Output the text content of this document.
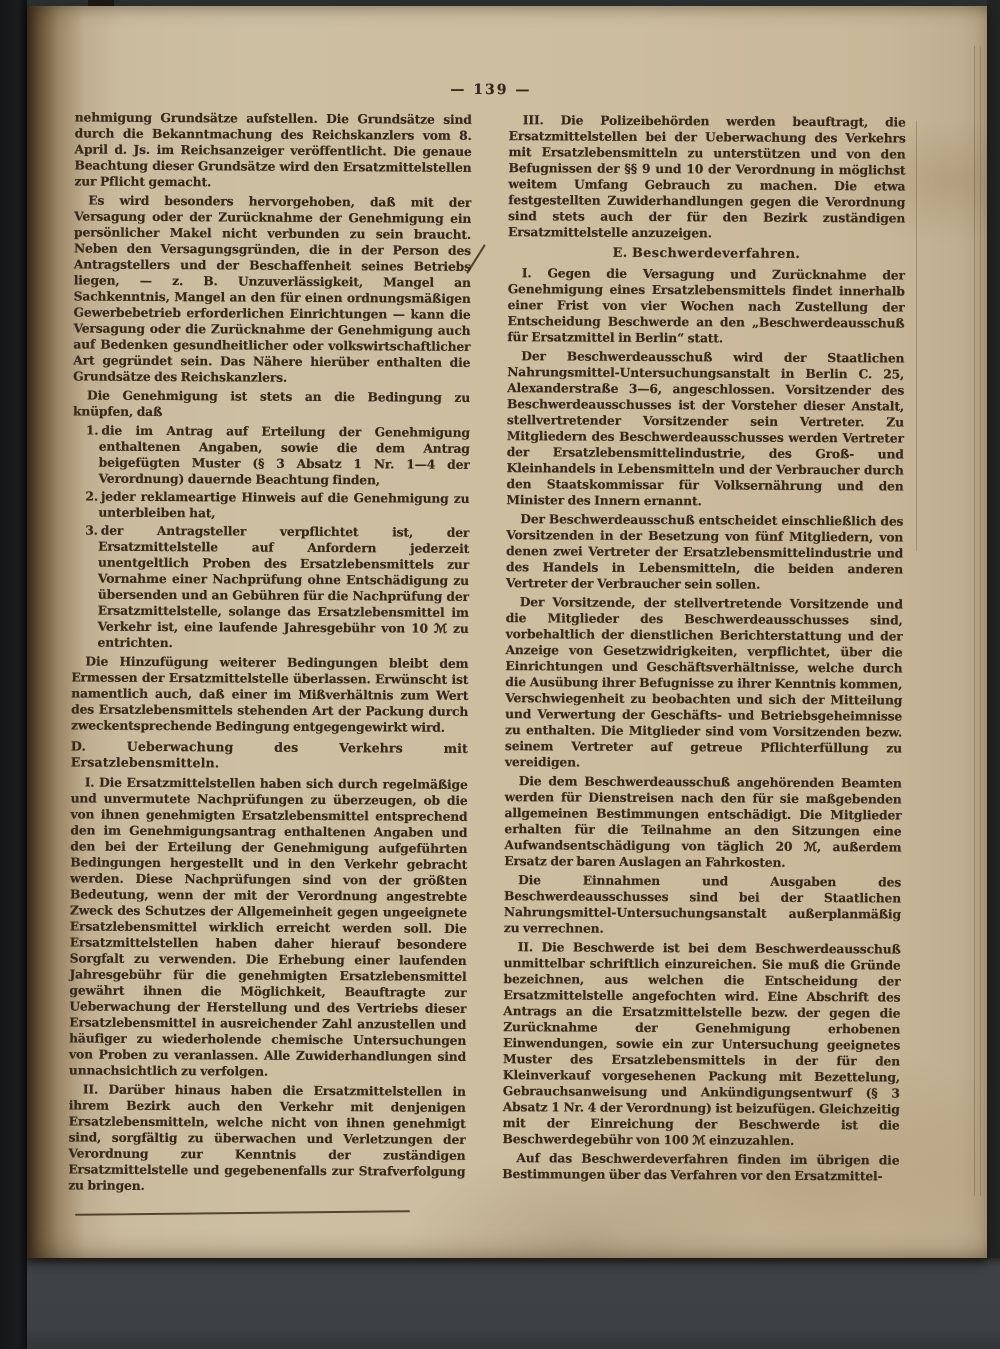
— 139 —

nehmigung Grundsätze aufstellen. Die Grundsätze sind durch die Bekanntmachung des Reichskanzlers vom 8. April d. Js. im Reichsanzeiger veröffentlicht. Die genaue Beachtung dieser Grundsätze wird den Ersatzmittelstellen zur Pflicht gemacht.

Es wird besonders hervorgehoben, daß mit der Versagung oder der Zurücknahme der Genehmigung ein persönlicher Makel nicht verbunden zu sein braucht. Neben den Versagungsgründen, die in der Person des Antragstellers und der Beschaffenheit seines Betriebs liegen, — z. B. Unzuverlässigkeit, Mangel an Sachkenntnis, Mangel an den für einen ordnungsmäßigen Gewerbebetrieb erforderlichen Einrichtungen — kann die Versagung oder die Zurücknahme der Genehmigung auch auf Bedenken gesundheitlicher oder volkswirtschaftlicher Art gegründet sein. Das Nähere hierüber enthalten die Grundsätze des Reichskanzlers.

Die Genehmigung ist stets an die Bedingung zu knüpfen, daß

1. die im Antrag auf Erteilung der Genehmigung enthaltenen Angaben, sowie die dem Antrag beigefügten Muster (§ 3 Absatz 1 Nr. 1—4 der Verordnung) dauernde Beachtung finden,

2. jeder reklameartige Hinweis auf die Genehmigung zu unterbleiben hat,

3. der Antragsteller verpflichtet ist, der Ersatzmittelstelle auf Anfordern jederzeit unentgeltlich Proben des Ersatzlebensmittels zur Vornahme einer Nachprüfung ohne Entschädigung zu übersenden und an Gebühren für die Nachprüfung der Ersatzmittelstelle, solange das Ersatzlebensmittel im Verkehr ist, eine laufende Jahresgebühr von 10 ℳ zu entrichten.

Die Hinzufügung weiterer Bedingungen bleibt dem Ermessen der Ersatzmittelstelle überlassen. Erwünscht ist namentlich auch, daß einer im Mißverhältnis zum Wert des Ersatzlebensmittels stehenden Art der Packung durch zweckentsprechende Bedingung entgegengewirkt wird.

D. Ueberwachung des Verkehrs mit Ersatzlebensmitteln.

I. Die Ersatzmittelstellen haben sich durch regelmäßige und unvermutete Nachprüfungen zu überzeugen, ob die von ihnen genehmigten Ersatzlebensmittel entsprechend den im Genehmigungsantrag enthaltenen Angaben und den bei der Erteilung der Genehmigung aufgeführten Bedingungen hergestellt und in den Verkehr gebracht werden. Diese Nachprüfungen sind von der größten Bedeutung, wenn der mit der Verordnung angestrebte Zweck des Schutzes der Allgemeinheit gegen ungeeignete Ersatzlebensmittel wirklich erreicht werden soll. Die Ersatzmittelstellen haben daher hierauf besondere Sorgfalt zu verwenden. Die Erhebung einer laufenden Jahresgebühr für die genehmigten Ersatzlebensmittel gewährt ihnen die Möglichkeit, Beauftragte zur Ueberwachung der Herstellung und des Vertriebs dieser Ersatzlebensmittel in ausreichender Zahl anzustellen und häufiger zu wiederholende chemische Untersuchungen von Proben zu veranlassen. Alle Zuwiderhandlungen sind unnachsichtlich zu verfolgen.

II. Darüber hinaus haben die Ersatzmittelstellen in ihrem Bezirk auch den Verkehr mit denjenigen Ersatzlebensmitteln, welche nicht von ihnen genehmigt sind, sorgfältig zu überwachen und Verletzungen der Verordnung zur Kenntnis der zuständigen Ersatzmittelstelle und gegebenenfalls zur Strafverfolgung zu bringen.

III. Die Polizeibehörden werden beauftragt, die Ersatzmittelstellen bei der Ueberwachung des Verkehrs mit Ersatzlebensmitteln zu unterstützen und von den Befugnissen der §§ 9 und 10 der Verordnung in möglichst weitem Umfang Gebrauch zu machen. Die etwa festgestellten Zuwiderhandlungen gegen die Verordnung sind stets auch der für den Bezirk zuständigen Ersatzmittelstelle anzuzeigen.

E. Beschwerdeverfahren.

I. Gegen die Versagung und Zurücknahme der Genehmigung eines Ersatzlebensmittels findet innerhalb einer Frist von vier Wochen nach Zustellung der Entscheidung Beschwerde an den „Beschwerdeausschuß für Ersatzmittel in Berlin“ statt.

Der Beschwerdeausschuß wird der Staatlichen Nahrungsmittel-Untersuchungsanstalt in Berlin C. 25, Alexanderstraße 3—6, angeschlossen. Vorsitzender des Beschwerdeausschusses ist der Vorsteher dieser Anstalt, stellvertretender Vorsitzender sein Vertreter. Zu Mitgliedern des Beschwerdeausschusses werden Vertreter der Ersatzlebensmittelindustrie, des Groß- und Kleinhandels in Lebensmitteln und der Verbraucher durch den Staatskommissar für Volksernährung und den Minister des Innern ernannt.

Der Beschwerdeausschuß entscheidet einschließlich des Vorsitzenden in der Besetzung von fünf Mitgliedern, von denen zwei Vertreter der Ersatzlebensmittelindustrie und des Handels in Lebensmitteln, die beiden anderen Vertreter der Verbraucher sein sollen.

Der Vorsitzende, der stellvertretende Vorsitzende und die Mitglieder des Beschwerdeausschusses sind, vorbehaltlich der dienstlichen Berichterstattung und der Anzeige von Gesetzwidrigkeiten, verpflichtet, über die Einrichtungen und Geschäftsverhältnisse, welche durch die Ausübung ihrer Befugnisse zu ihrer Kenntnis kommen, Verschwiegenheit zu beobachten und sich der Mitteilung und Verwertung der Geschäfts- und Betriebsgeheimnisse zu enthalten. Die Mitglieder sind vom Vorsitzenden bezw. seinem Vertreter auf getreue Pflichterfüllung zu vereidigen.

Die dem Beschwerdeausschuß angehörenden Beamten werden für Dienstreisen nach den für sie maßgebenden allgemeinen Bestimmungen entschädigt. Die Mitglieder erhalten für die Teilnahme an den Sitzungen eine Aufwandsentschädigung von täglich 20 ℳ, außerdem Ersatz der baren Auslagen an Fahrkosten.

Die Einnahmen und Ausgaben des Beschwerdeausschusses sind bei der Staatlichen Nahrungsmittel-Untersuchungsanstalt außerplanmäßig zu verrechnen.

II. Die Beschwerde ist bei dem Beschwerdeausschuß unmittelbar schriftlich einzureichen. Sie muß die Gründe bezeichnen, aus welchen die Entscheidung der Ersatzmittelstelle angefochten wird. Eine Abschrift des Antrags an die Ersatzmittelstelle bezw. der gegen die Zurücknahme der Genehmigung erhobenen Einwendungen, sowie ein zur Untersuchung geeignetes Muster des Ersatzlebensmittels in der für den Kleinverkauf vorgesehenen Packung mit Bezettelung, Gebrauchsanweisung und Ankündigungsentwurf (§ 3 Absatz 1 Nr. 4 der Verordnung) ist beizufügen. Gleichzeitig mit der Einreichung der Beschwerde ist die Beschwerdegebühr von 100 ℳ einzuzahlen.

Auf das Beschwerdeverfahren finden im übrigen die Bestimmungen über das Verfahren vor den Ersatzmittel-
